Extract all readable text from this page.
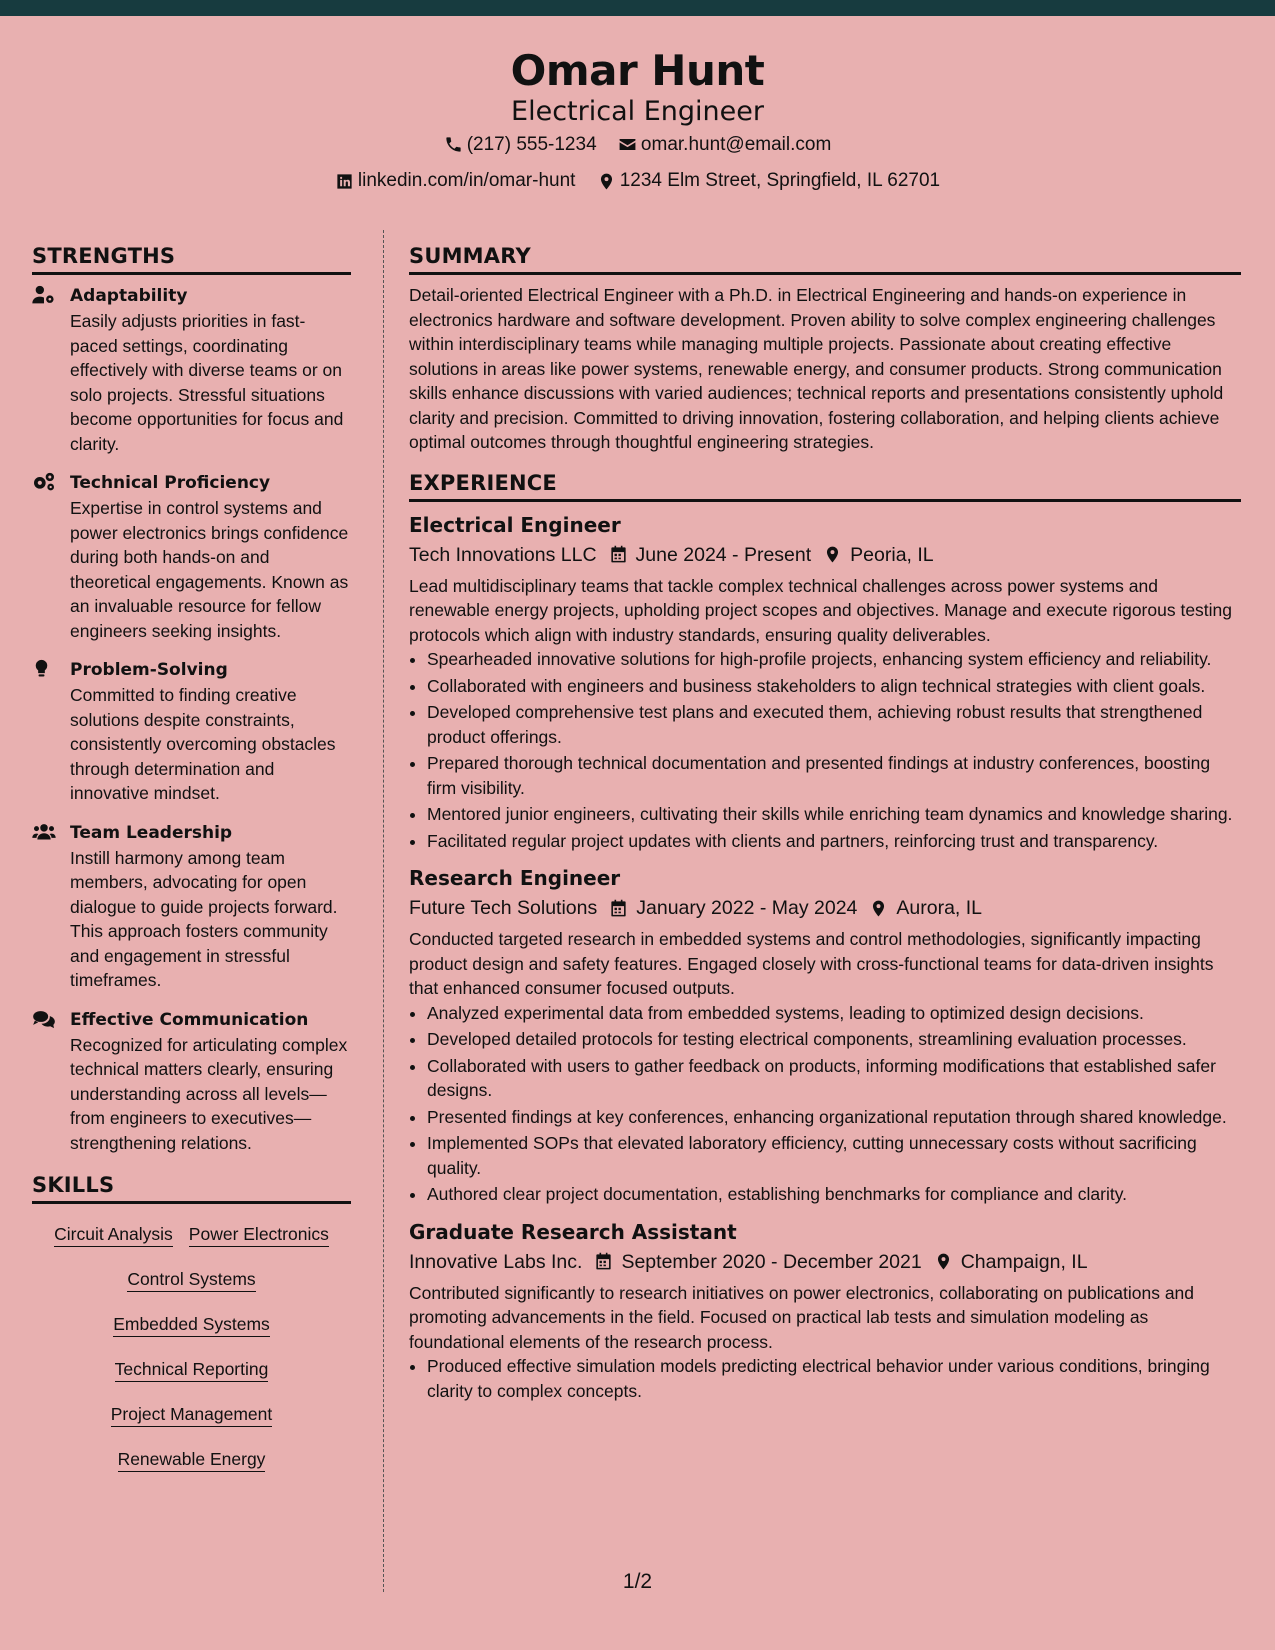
Omar Hunt
Electrical Engineer
(217) 555-1234
omar.hunt@email.com
linkedin.com/in/omar-hunt
1234 Elm Street, Springfield, IL 62701
STRENGTHS
Adaptability
Easily adjusts priorities in fast-paced settings, coordinating effectively with diverse teams or on solo projects. Stressful situations become opportunities for focus and clarity.
Technical Proficiency
Expertise in control systems and power electronics brings confidence during both hands-on and theoretical engagements. Known as an invaluable resource for fellow engineers seeking insights.
Problem-Solving
Committed to finding creative solutions despite constraints, consistently overcoming obstacles through determination and innovative mindset.
Team Leadership
Instill harmony among team members, advocating for open dialogue to guide projects forward. This approach fosters community and engagement in stressful timeframes.
Effective Communication
Recognized for articulating complex technical matters clearly, ensuring understanding across all levels—from engineers to executives—strengthening relations.
SKILLS
Circuit Analysis Power Electronics
Control Systems
Embedded Systems
Technical Reporting
Project Management
Renewable Energy
SUMMARY
Detail-oriented Electrical Engineer with a Ph.D. in Electrical Engineering and hands-on experience in electronics hardware and software development. Proven ability to solve complex engineering challenges within interdisciplinary teams while managing multiple projects. Passionate about creating effective solutions in areas like power systems, renewable energy, and consumer products. Strong communication skills enhance discussions with varied audiences; technical reports and presentations consistently uphold clarity and precision. Committed to driving innovation, fostering collaboration, and helping clients achieve optimal outcomes through thoughtful engineering strategies.
EXPERIENCE
Electrical Engineer
Tech Innovations LLC June 2024 - Present Peoria, IL
Lead multidisciplinary teams that tackle complex technical challenges across power systems and renewable energy projects, upholding project scopes and objectives. Manage and execute rigorous testing protocols which align with industry standards, ensuring quality deliverables.
• Spearheaded innovative solutions for high-profile projects, enhancing system efficiency and reliability.
• Collaborated with engineers and business stakeholders to align technical strategies with client goals.
• Developed comprehensive test plans and executed them, achieving robust results that strengthened product offerings.
• Prepared thorough technical documentation and presented findings at industry conferences, boosting firm visibility.
• Mentored junior engineers, cultivating their skills while enriching team dynamics and knowledge sharing.
• Facilitated regular project updates with clients and partners, reinforcing trust and transparency.
Research Engineer
Future Tech Solutions January 2022 - May 2024 Aurora, IL
Conducted targeted research in embedded systems and control methodologies, significantly impacting product design and safety features. Engaged closely with cross-functional teams for data-driven insights that enhanced consumer focused outputs.
• Analyzed experimental data from embedded systems, leading to optimized design decisions.
• Developed detailed protocols for testing electrical components, streamlining evaluation processes.
• Collaborated with users to gather feedback on products, informing modifications that established safer designs.
• Presented findings at key conferences, enhancing organizational reputation through shared knowledge.
• Implemented SOPs that elevated laboratory efficiency, cutting unnecessary costs without sacrificing quality.
• Authored clear project documentation, establishing benchmarks for compliance and clarity.
Graduate Research Assistant
Innovative Labs Inc. September 2020 - December 2021 Champaign, IL
Contributed significantly to research initiatives on power electronics, collaborating on publications and promoting advancements in the field. Focused on practical lab tests and simulation modeling as foundational elements of the research process.
• Produced effective simulation models predicting electrical behavior under various conditions, bringing clarity to complex concepts.
1/2
